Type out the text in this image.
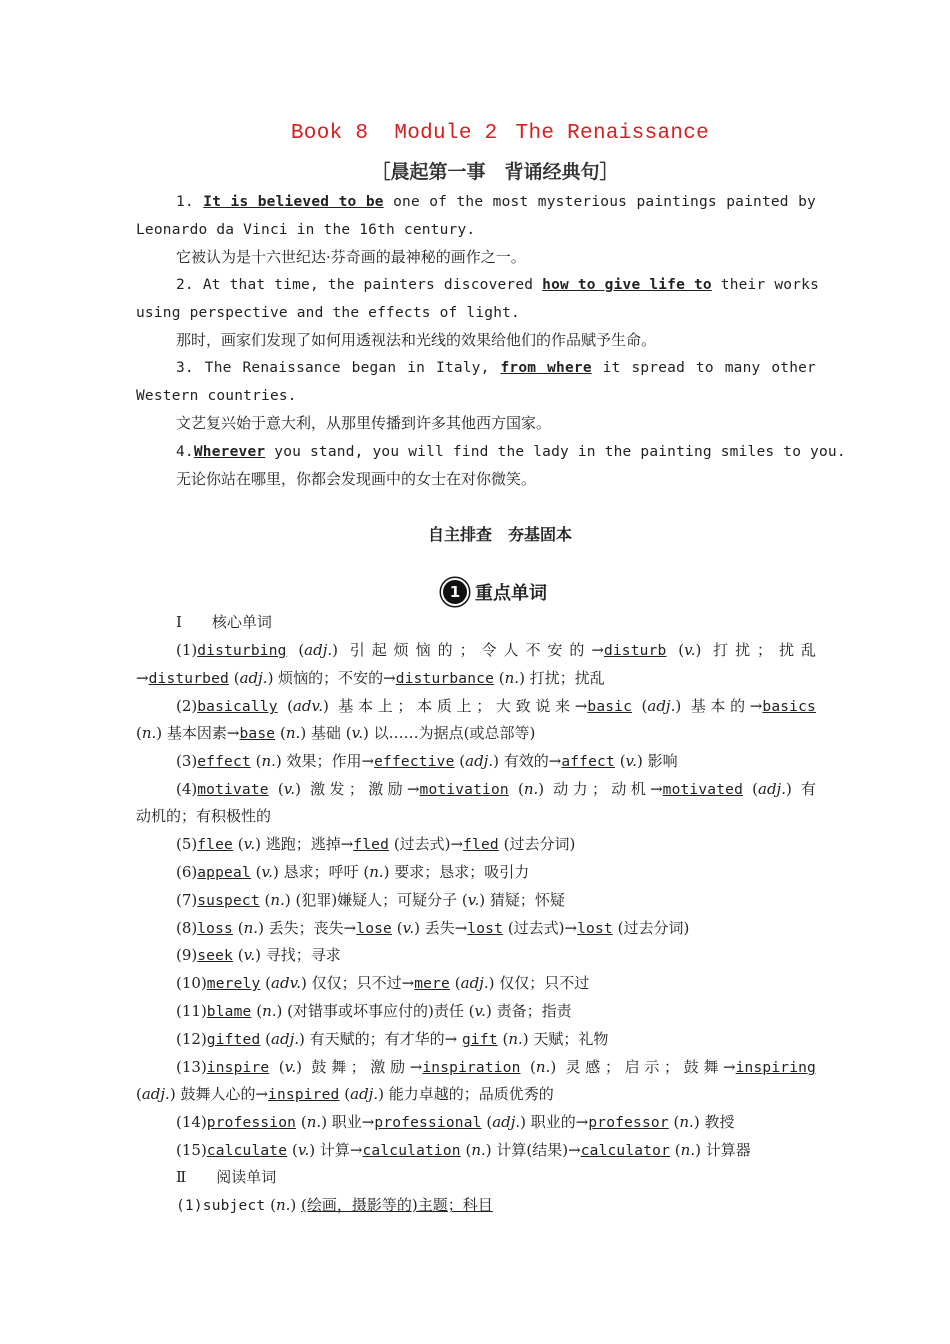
Book 8 Module 2 The Renaissance
［晨起第一事　背诵经典句］
1. It is believed to be one of the most mysterious paintings painted by
Leonardo da Vinci in the 16th century.
它被认为是十六世纪达·芬奇画的最神秘的画作之一。
2. At that time, the painters discovered how to give life to their works
using perspective and the effects of light.
那时，画家们发现了如何用透视法和光线的效果给他们的作品赋予生命。
3. The Renaissance began in Italy, from where it spread to many other
Western countries.
文艺复兴始于意大利，从那里传播到许多其他西方国家。
4.Wherever you stand, you will find the lady in the painting smiles to you.
无论你站在哪里，你都会发现画中的女士在对你微笑。
自主排查　夯基固本
1 重点单词
Ⅰ　　核心单词
(1)disturbing (adj.) 引起烦恼的；令人不安的→disturb (v.) 打扰；扰乱
→disturbed (adj.) 烦恼的；不安的→disturbance (n.) 打扰；扰乱
(2)basically (adv.) 基本上；本质上；大致说来→basic (adj.) 基本的→basics
(n.) 基本因素→base (n.) 基础 (v.) 以……为据点(或总部等)
(3)effect (n.) 效果；作用→effective (adj.) 有效的→affect (v.) 影响
(4)motivate (v.) 激发；激励→motivation (n.) 动力；动机→motivated (adj.) 有
动机的；有积极性的
(5)flee (v.) 逃跑；逃掉→fled (过去式)→fled (过去分词)
(6)appeal (v.) 恳求；呼吁 (n.) 要求；恳求；吸引力
(7)suspect (n.) (犯罪)嫌疑人；可疑分子 (v.) 猜疑；怀疑
(8)loss (n.) 丢失；丧失→lose (v.) 丢失→lost (过去式)→lost (过去分词)
(9)seek (v.) 寻找；寻求
(10)merely (adv.) 仅仅；只不过→mere (adj.) 仅仅；只不过
(11)blame (n.) (对错事或坏事应付的)责任 (v.) 责备；指责
(12)gifted (adj.) 有天赋的；有才华的→ gift (n.) 天赋；礼物
(13)inspire (v.) 鼓舞；激励→inspiration (n.) 灵感；启示；鼓舞→inspiring
(adj.) 鼓舞人心的→inspired (adj.) 能力卓越的；品质优秀的
(14)profession (n.) 职业→professional (adj.) 职业的→professor (n.) 教授
(15)calculate (v.) 计算→calculation (n.) 计算(结果)→calculator (n.) 计算器
Ⅱ　　阅读单词
(1)subject (n.) (绘画，摄影等的)主题；科目
